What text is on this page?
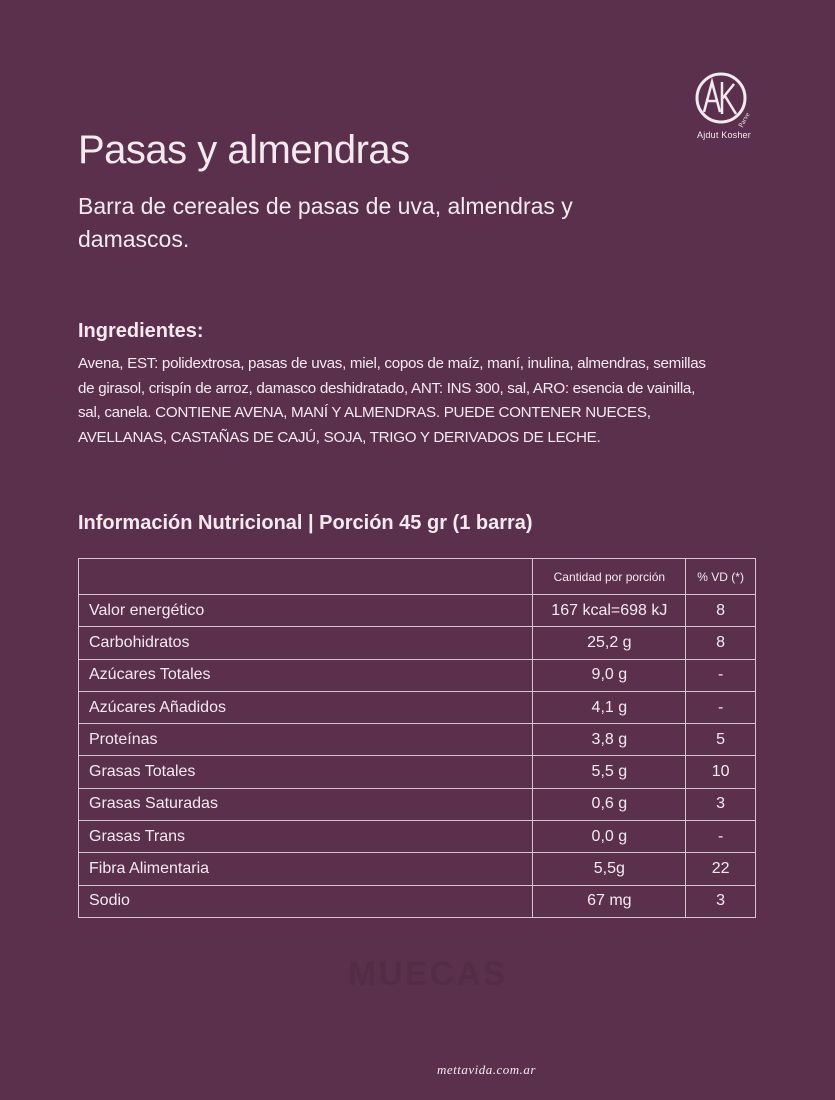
Parve
Ajdut Kosher
Pasas y almendras

Barra de cereales de pasas de uva, almendras y damascos.

Ingredientes:

Avena, EST: polidextrosa, pasas de uvas, miel, copos de maíz, maní, inulina, almendras, semillas de girasol, crispín de arroz, damasco deshidratado, ANT: INS 300, sal, ARO: esencia de vainilla, sal, canela. CONTIENE AVENA, MANÍ Y ALMENDRAS. PUEDE CONTENER NUECES, AVELLANAS, CASTAÑAS DE CAJÚ, SOJA, TRIGO Y DERIVADOS DE LECHE.

Información Nutricional | Porción 45 gr (1 barra)
	Cantidad por porción	% VD (*)
Valor energético	167 kcal=698 kJ	8
Carbohidratos	25,2 g	8
Azúcares Totales	9,0 g	-
Azúcares Añadidos	4,1 g	-
Proteínas	3,8 g	5
Grasas Totales	5,5 g	10
Grasas Saturadas	0,6 g	3
Grasas Trans	0,0 g	-
Fibra Alimentaria	5,5g	22
Sodio	67 mg	3
MUECAS
mettavida.com.ar
